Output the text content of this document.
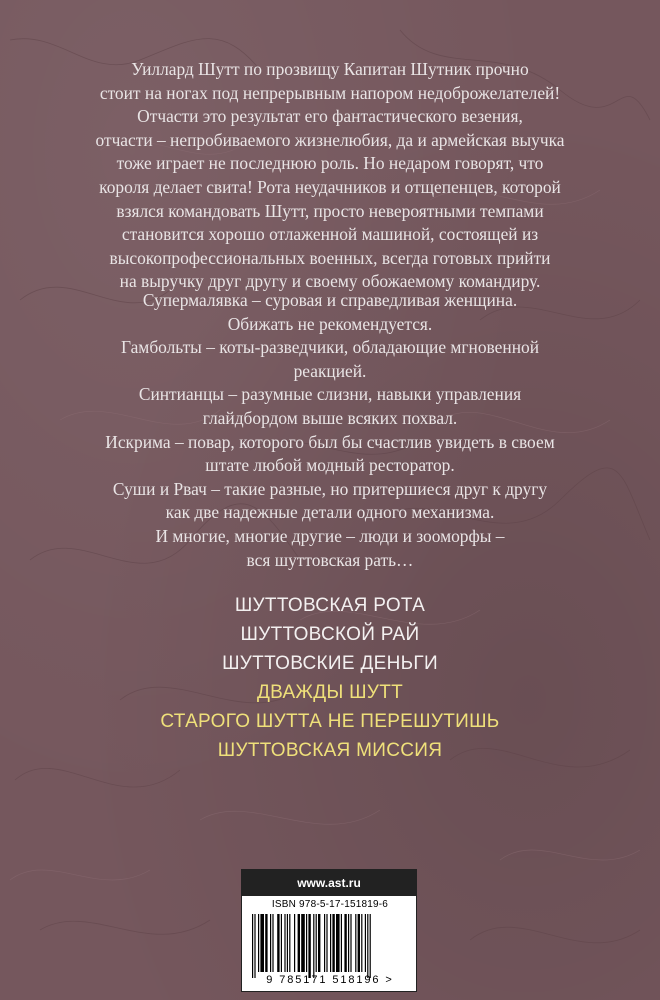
Уиллард Шутт по прозвищу Капитан Шутник прочно

стоит на ногах под непрерывным напором недоброжелателей!

Отчасти это результат его фантастического везения,

отчасти – непробиваемого жизнелюбия, да и армейская выучка

тоже играет не последнюю роль. Но недаром говорят, что

короля делает свита! Рота неудачников и отщепенцев, которой

взялся командовать Шутт, просто невероятными темпами

становится хорошо отлаженной машиной, состоящей из

высокопрофессиональных военных, всегда готовых прийти

на выручку друг другу и своему обожаемому командиру.

Супермалявка – суровая и справедливая женщина.

Обижать не рекомендуется.

Гамбольты – коты-разведчики, обладающие мгновенной

реакцией.

Синтианцы – разумные слизни, навыки управления

глайдбордом выше всяких похвал.

Искрима – повар, которого был бы счастлив увидеть в своем

штате любой модный ресторатор.

Суши и Рвач – такие разные, но притершиеся друг к другу

как две надежные детали одного механизма.

И многие, многие другие – люди и зооморфы –

вся шуттовская рать…

ШУТТОВСКАЯ РОТА
ШУТТОВСКОЙ РАЙ
ШУТТОВСКИЕ ДЕНЬГИ
ДВАЖДЫ ШУТТ
СТАРОГО ШУТТА НЕ ПЕРЕШУТИШЬ
ШУТТОВСКАЯ МИССИЯ
www.ast.ru
ISBN 978-5-17-151819-6
9 785171 518196 >
